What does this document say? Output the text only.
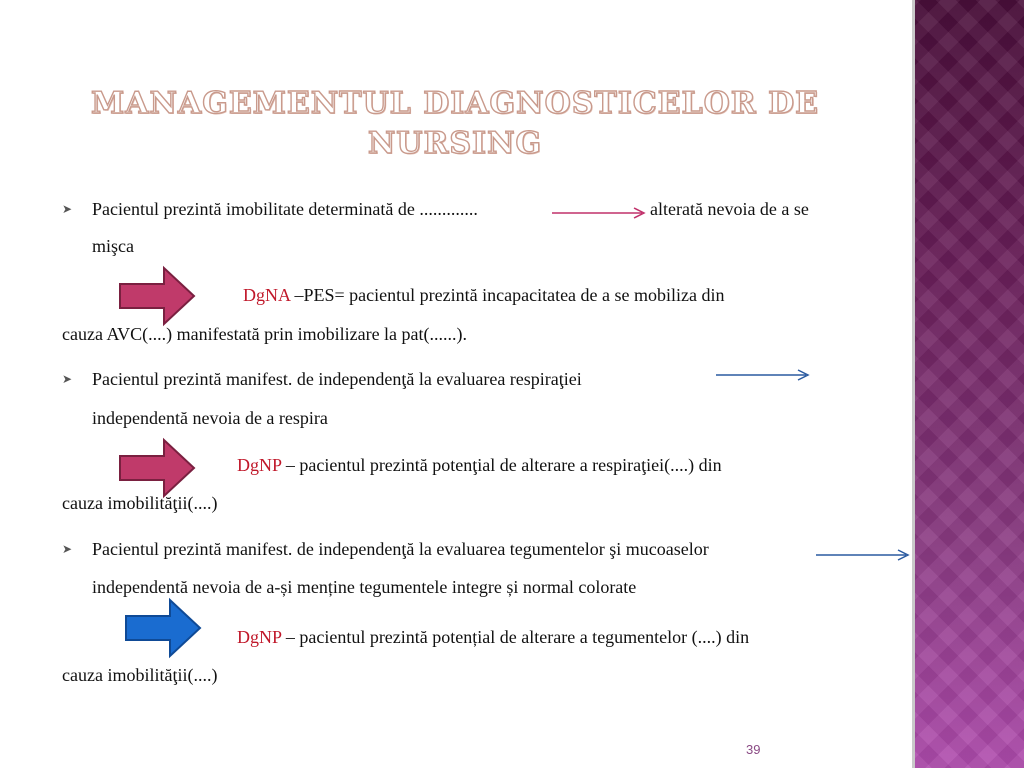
MANAGEMENTUL DIAGNOSTICELOR DE
NURSING
➤ Pacientul prezintă imobilitate determinată de .............	alterată nevoia de a se

mişca

DgNA –PES= pacientul prezintă incapacitatea de a se mobiliza din

cauza AVC(....) manifestată prin imobilizare la pat(......).

➤ Pacientul prezintă manifest. de independenţă la evaluarea respiraţiei

independentă nevoia de a respira

DgNP – pacientul prezintă potenţial de alterare a respiraţiei(....) din

cauza imobilităţii(....)

➤ Pacientul prezintă manifest. de independenţă la evaluarea tegumentelor şi mucoaselor

independentă nevoia de a-și menține tegumentele integre și normal colorate

DgNP – pacientul prezintă potențial de alterare a tegumentelor (....) din

cauza imobilităţii(....)

39
